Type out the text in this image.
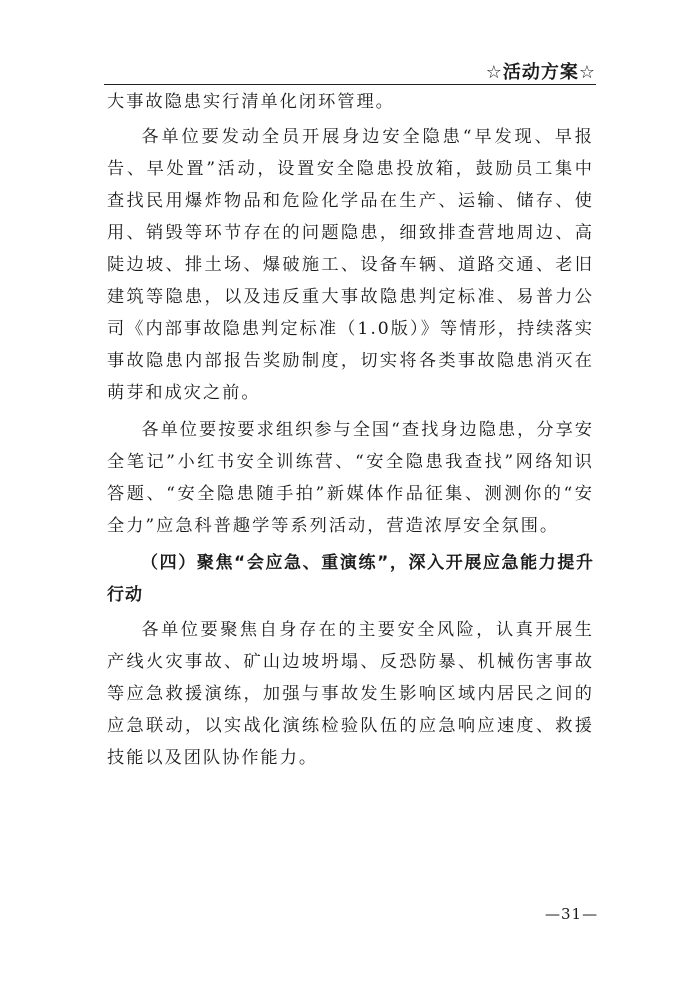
☆活动方案☆

大事故隐患实行清单化闭环管理。

各单位要发动全员开展身边安全隐患“早发现、早报告、早处置”活动，设置安全隐患投放箱，鼓励员工集中查找民用爆炸物品和危险化学品在生产、运输、储存、使用、销毁等环节存在的问题隐患，细致排查营地周边、高陡边坡、排土场、爆破施工、设备车辆、道路交通、老旧建筑等隐患，以及违反重大事故隐患判定标准、易普力公司《内部事故隐患判定标准（1.0版）》等情形，持续落实事故隐患内部报告奖励制度，切实将各类事故隐患消灭在萌芽和成灾之前。

各单位要按要求组织参与全国“查找身边隐患，分享安全笔记”小红书安全训练营、“安全隐患我查找”网络知识答题、“安全隐患随手拍”新媒体作品征集、测测你的“安全力”应急科普趣学等系列活动，营造浓厚安全氛围。

（四）聚焦“会应急、重演练”，深入开展应急能力提升行动

各单位要聚焦自身存在的主要安全风险，认真开展生产线火灾事故、矿山边坡坍塌、反恐防暴、机械伤害事故等应急救援演练，加强与事故发生影响区域内居民之间的应急联动，以实战化演练检验队伍的应急响应速度、救援技能以及团队协作能力。

—31—
